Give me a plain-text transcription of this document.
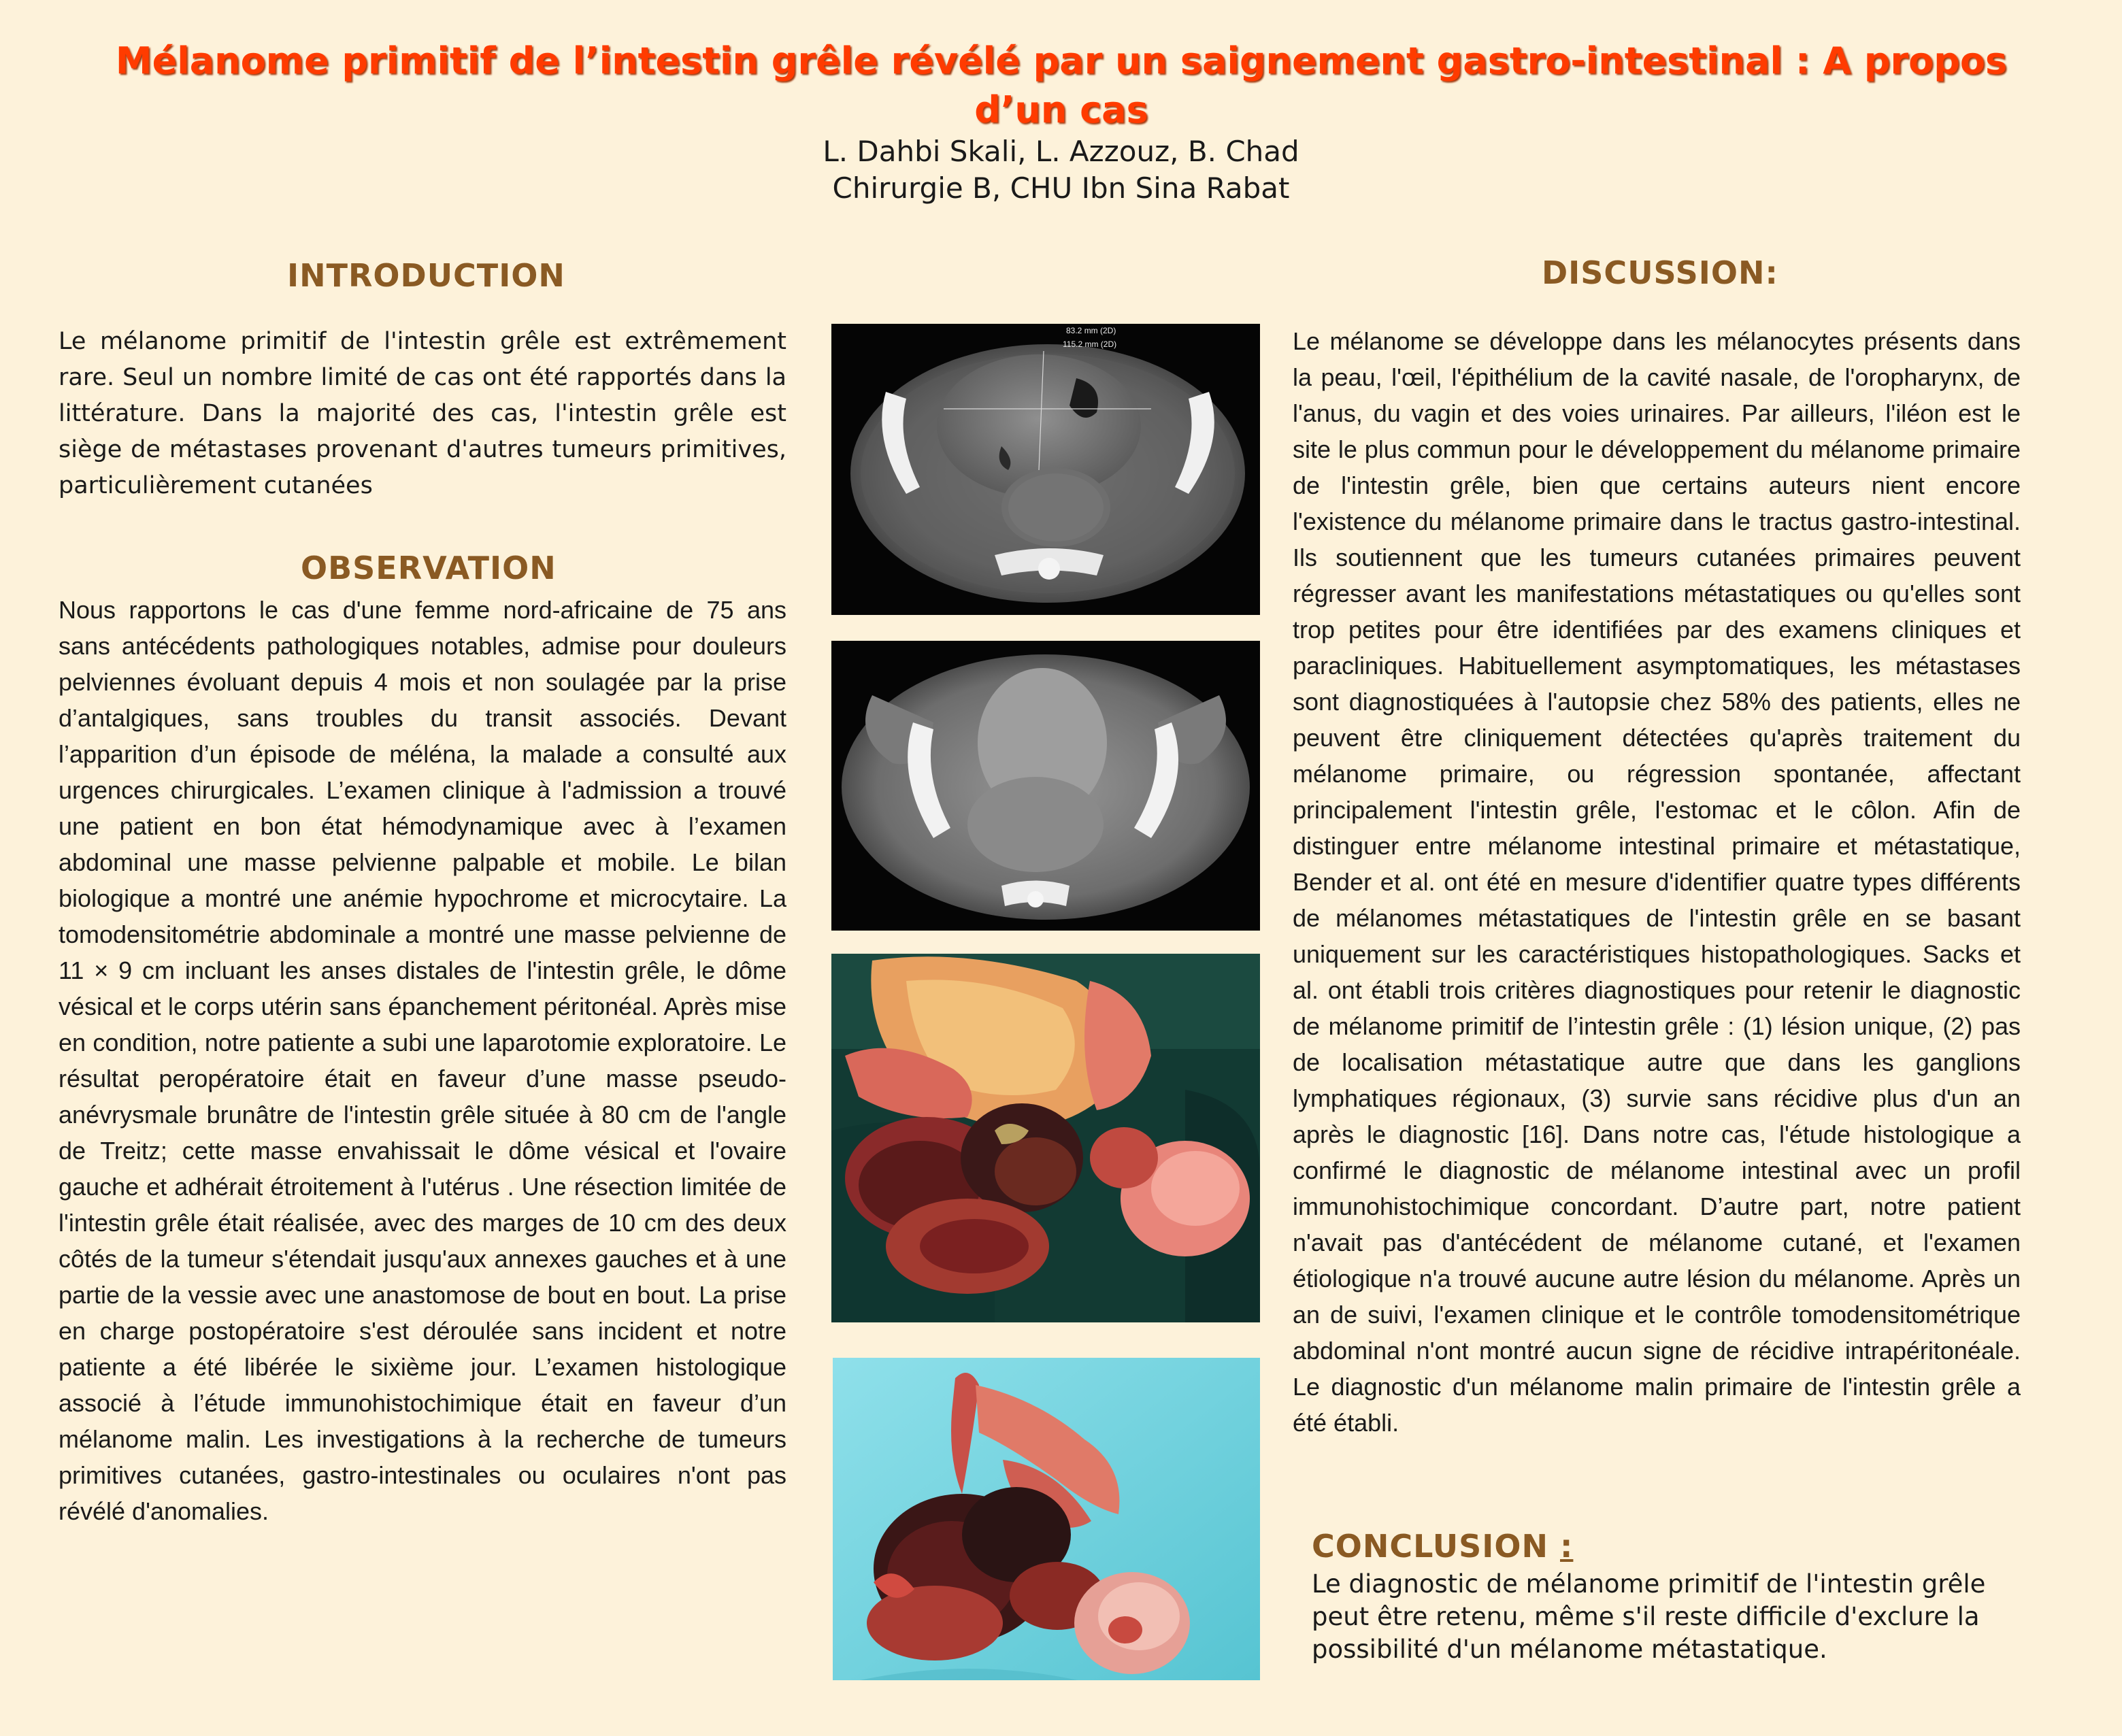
Mélanome primitif de l’intestin grêle révélé par un saignement gastro-intestinal : A propos d’un cas
L. Dahbi Skali, L. Azzouz, B. Chad
Chirurgie B, CHU Ibn Sina Rabat
INTRODUCTION
Le mélanome primitif de l'intestin grêle est extrêmement rare. Seul un nombre limité de cas ont été rapportés dans la littérature. Dans la majorité des cas, l'intestin grêle est siège de métastases provenant d'autres tumeurs primitives, particulièrement cutanées
OBSERVATION
Nous rapportons le cas d'une femme nord-africaine de 75 ans sans antécédents pathologiques notables, admise pour douleurs pelviennes évoluant depuis 4 mois et non soulagée par la prise d’antalgiques, sans troubles du transit associés. Devant l’apparition d’un épisode de méléna, la malade a consulté aux urgences chirurgicales. L’examen clinique à l'admission a trouvé une patient en bon état hémodynamique avec à l’examen abdominal une masse pelvienne palpable et mobile. Le bilan biologique a montré une anémie hypochrome et microcytaire. La tomodensitométrie abdominale a montré une masse pelvienne de 11 × 9 cm incluant les anses distales de l'intestin grêle, le dôme vésical et le corps utérin sans épanchement péritonéal. Après mise en condition, notre patiente a subi une laparotomie exploratoire. Le résultat peropératoire était en faveur d’une masse pseudo-anévrysmale brunâtre de l'intestin grêle située à 80 cm de l'angle de Treitz; cette masse envahissait le dôme vésical et l'ovaire gauche et adhérait étroitement à l'utérus . Une résection limitée de l'intestin grêle était réalisée, avec des marges de 10 cm des deux côtés de la tumeur s'étendait jusqu'aux annexes gauches et à une partie de la vessie avec une anastomose de bout en bout. La prise en charge postopératoire s'est déroulée sans incident et notre patiente a été libérée le sixième jour. L’examen histologique associé à l’étude immunohistochimique était en faveur d’un mélanome malin. Les investigations à la recherche de tumeurs primitives cutanées, gastro-intestinales ou oculaires n'ont pas révélé d'anomalies.
DISCUSSION:
Le mélanome se développe dans les mélanocytes présents dans la peau, l'œil, l'épithélium de la cavité nasale, de l'oropharynx, de l'anus, du vagin et des voies urinaires. Par ailleurs, l'iléon est le site le plus commun pour le développement du mélanome primaire de l'intestin grêle, bien que certains auteurs nient encore l'existence du mélanome primaire dans le tractus gastro-intestinal. Ils soutiennent que les tumeurs cutanées primaires peuvent régresser avant les manifestations métastatiques ou qu'elles sont trop petites pour être identifiées par des examens cliniques et paracliniques. Habituellement asymptomatiques, les métastases sont diagnostiquées à l'autopsie chez 58% des patients, elles ne peuvent être cliniquement détectées qu'après traitement du mélanome primaire, ou régression spontanée, affectant principalement l'intestin grêle, l'estomac et le côlon. Afin de distinguer entre mélanome intestinal primaire et métastatique, Bender et al. ont été en mesure d'identifier quatre types différents de mélanomes métastatiques de l'intestin grêle en se basant uniquement sur les caractéristiques histopathologiques. Sacks et al. ont établi trois critères diagnostiques pour retenir le diagnostic de mélanome primitif de l’intestin grêle : (1) lésion unique, (2) pas de localisation métastatique autre que dans les ganglions lymphatiques régionaux, (3) survie sans récidive plus d'un an après le diagnostic [16]. Dans notre cas, l'étude histologique a confirmé le diagnostic de mélanome intestinal avec un profil immunohistochimique concordant. D’autre part, notre patient n'avait pas d'antécédent de mélanome cutané, et l'examen étiologique n'a trouvé aucune autre lésion du mélanome. Après un an de suivi, l'examen clinique et le contrôle tomodensitométrique abdominal n'ont montré aucun signe de récidive intrapéritonéale. Le diagnostic d'un mélanome malin primaire de l'intestin grêle a été établi.
CONCLUSION :
Le diagnostic de mélanome primitif de l'intestin grêle peut être retenu, même s'il reste difficile d'exclure la possibilité d'un mélanome métastatique.
83.2 mm (2D)
115.2 mm (2D)
